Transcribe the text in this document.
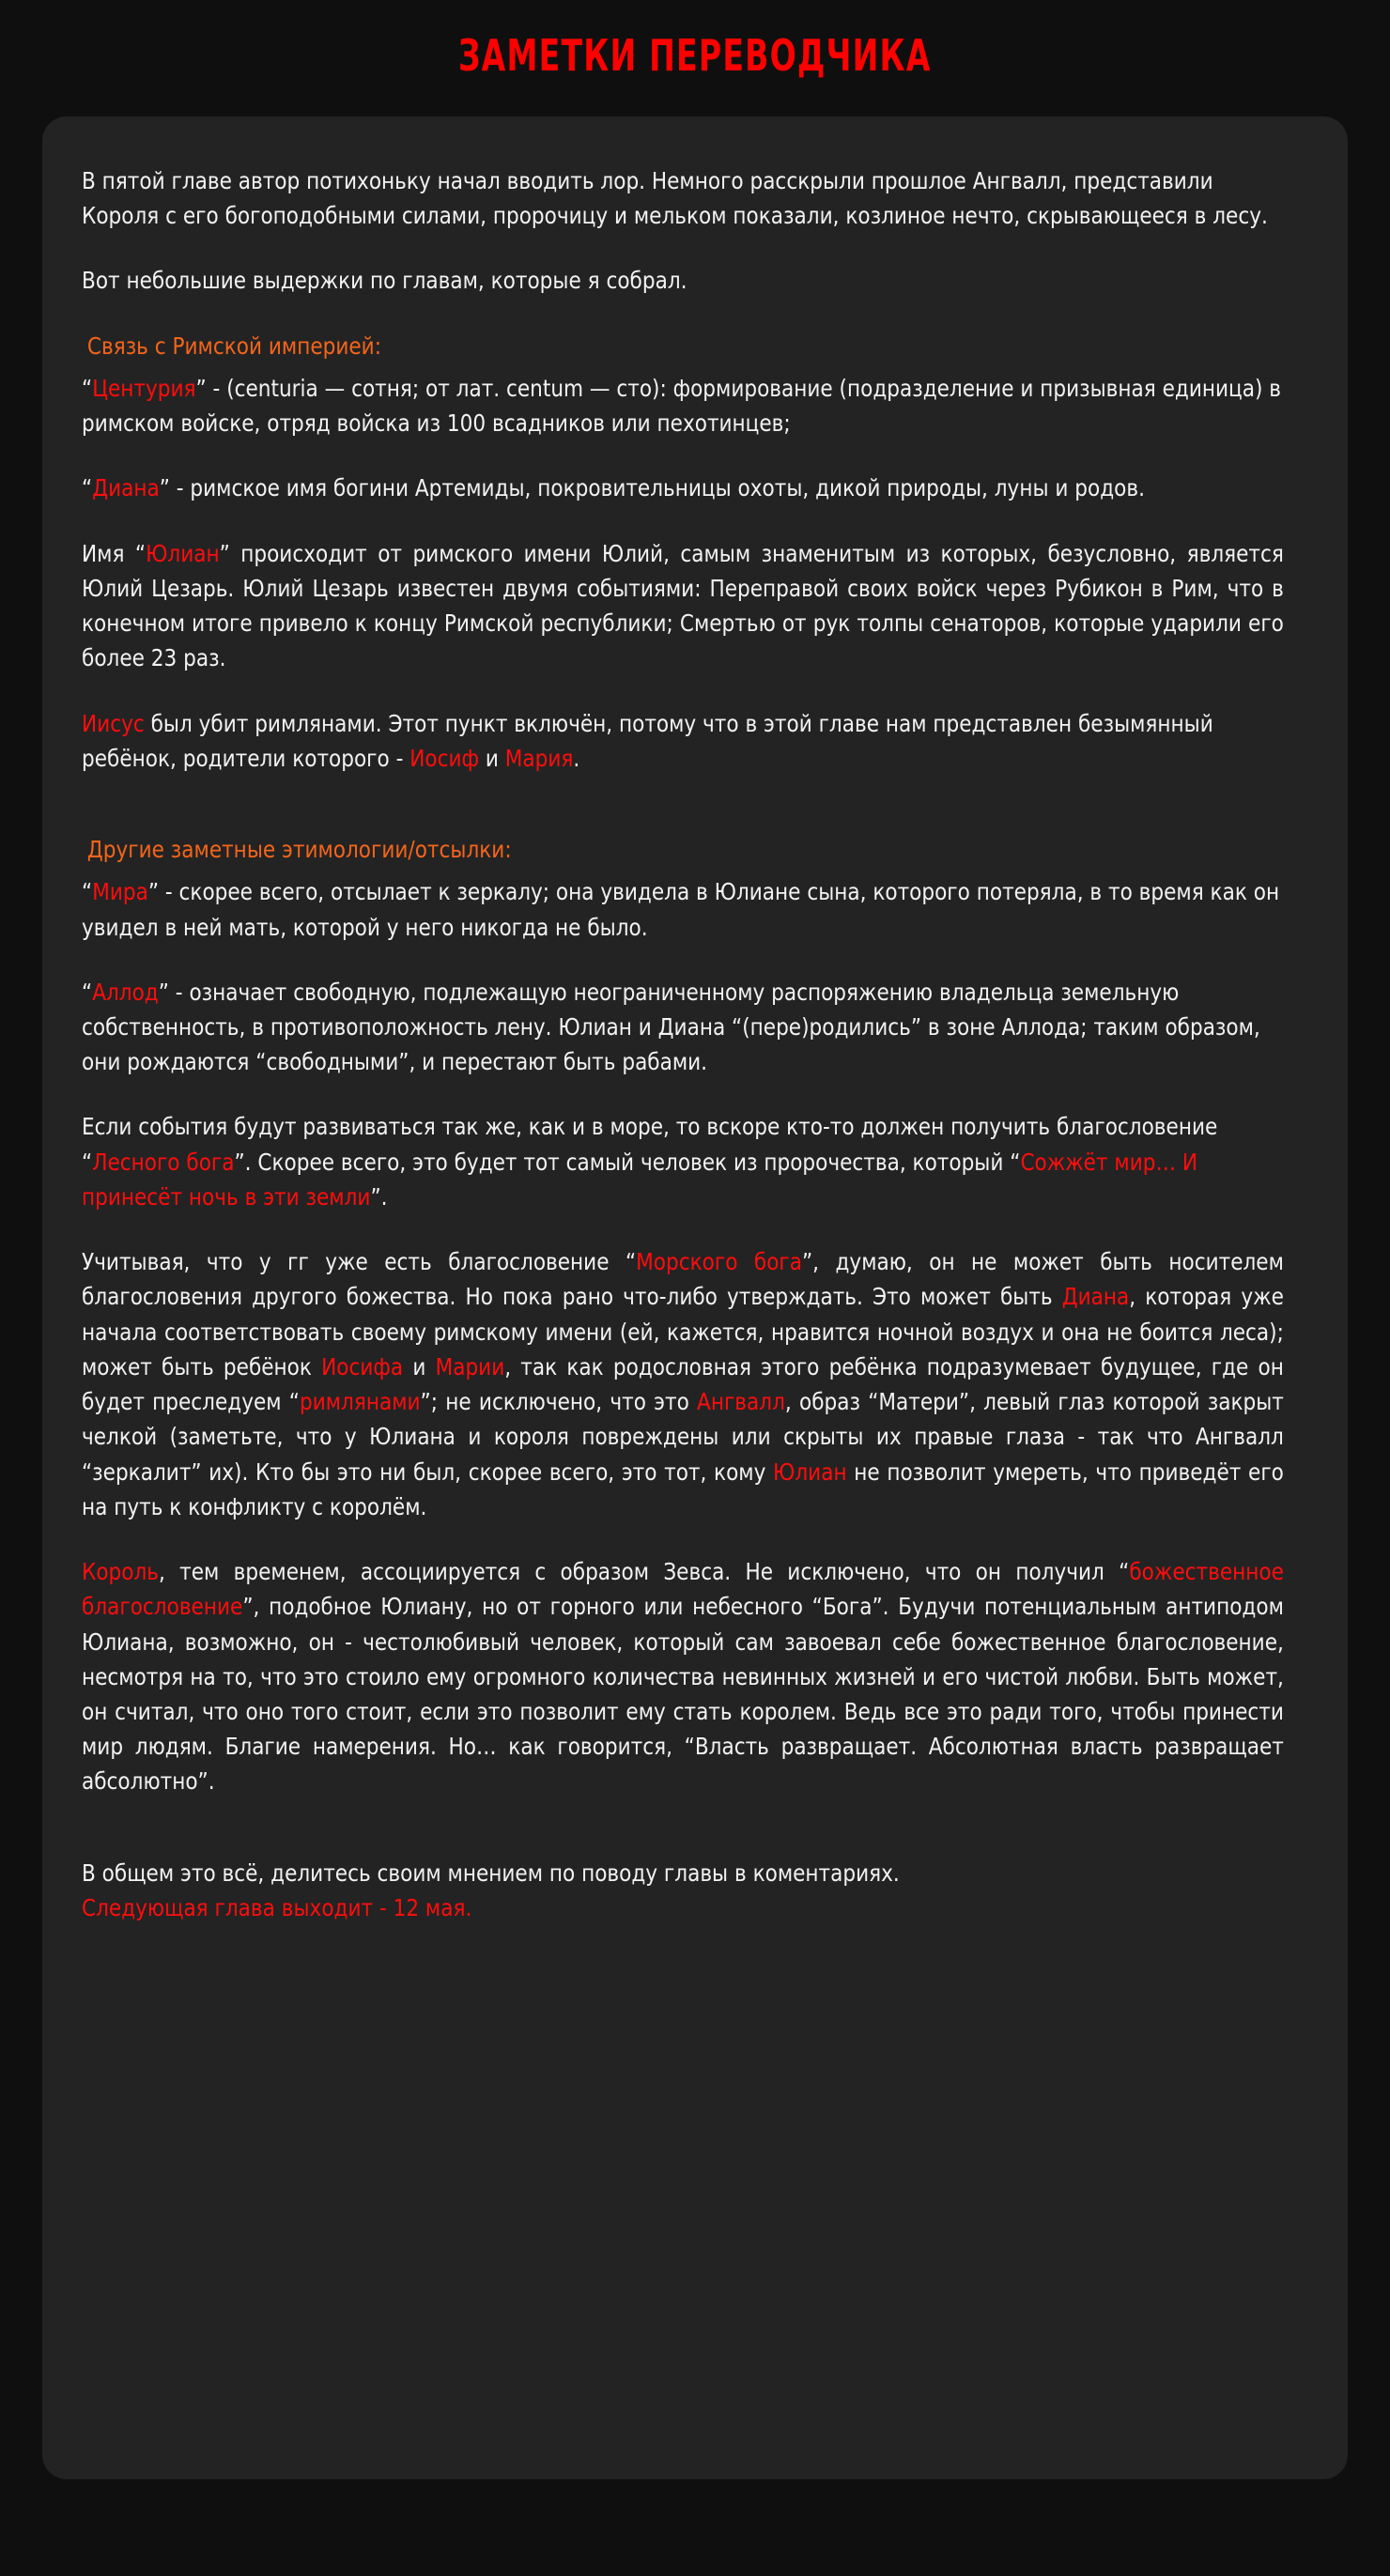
ЗАМЕТКИ ПЕРЕВОДЧИКА

В пятой главе автор потихоньку начал вводить лор. Немного расскрыли прошлое Ангвалл, представили Короля с его богоподобными силами, пророчицу и мельком показали, козлиное нечто, скрывающееся в лесу.

Вот небольшие выдержки по главам, которые я собрал.

Связь с Римской империей:

“Центурия” - (centuria — сотня; от лат. centum — сто): формирование (подразделение и призывная единица) в римском войске, отряд войска из 100 всадников или пехотинцев;

“Диана” - римское имя богини Артемиды, покровительницы охоты, дикой природы, луны и родов.

Имя “Юлиан” происходит от римского имени Юлий, самым знаменитым из которых, безусловно, является Юлий Цезарь. Юлий Цезарь известен двумя событиями: Переправой своих войск через Рубикон в Рим, что в конечном итоге привело к концу Римской республики; Смертью от рук толпы сенаторов, которые ударили его более 23 раз.

Иисус был убит римлянами. Этот пункт включён, потому что в этой главе нам представлен безымянный ребёнок, родители которого - Иосиф и Мария.

Другие заметные этимологии/отсылки:

“Мира” - скорее всего, отсылает к зеркалу; она увидела в Юлиане сына, которого потеряла, в то время как он увидел в ней мать, которой у него никогда не было.

“Аллод” - означает свободную, подлежащую неограниченному распоряжению владельца земельную собственность, в противоположность лену. Юлиан и Диана “(пере)родились” в зоне Аллода; таким образом, они рождаются “свободными”, и перестают быть рабами.

Если события будут развиваться так же, как и в море, то вскоре кто-то должен получить благословение “Лесного бога”. Скорее всего, это будет тот самый человек из пророчества, который “Сожжёт мир… И принесёт ночь в эти земли”.

Учитывая, что у гг уже есть благословение “Морского бога”, думаю, он не может быть носителем благословения другого божества. Но пока рано что-либо утверждать. Это может быть Диана, которая уже начала соответствовать своему римскому имени (ей, кажется, нравится ночной воздух и она не боится леса); может быть ребёнок Иосифа и Марии, так как родословная этого ребёнка подразумевает будущее, где он будет преследуем “римлянами”; не исключено, что это Ангвалл, образ “Матери”, левый глаз которой закрыт челкой (заметьте, что у Юлиана и короля повреждены или скрыты их правые глаза - так что Ангвалл “зеркалит” их). Кто бы это ни был, скорее всего, это тот, кому Юлиан не позволит умереть, что приведёт его на путь к конфликту с королём.

Король, тем временем, ассоциируется с образом Зевса. Не исключено, что он получил “божественное благословение”, подобное Юлиану, но от горного или небесного “Бога”. Будучи потенциальным антиподом Юлиана, возможно, он - честолюбивый человек, который сам завоевал себе божественное благословение, несмотря на то, что это стоило ему огромного количества невинных жизней и его чистой любви. Быть может, он считал, что оно того стоит, если это позволит ему стать королем. Ведь все это ради того, чтобы принести мир людям. Благие намерения. Но… как говорится, “Власть развращает. Абсолютная власть развращает абсолютно”.

В общем это всё, делитесь своим мнением по поводу главы в коментариях.
Следующая глава выходит - 12 мая.
